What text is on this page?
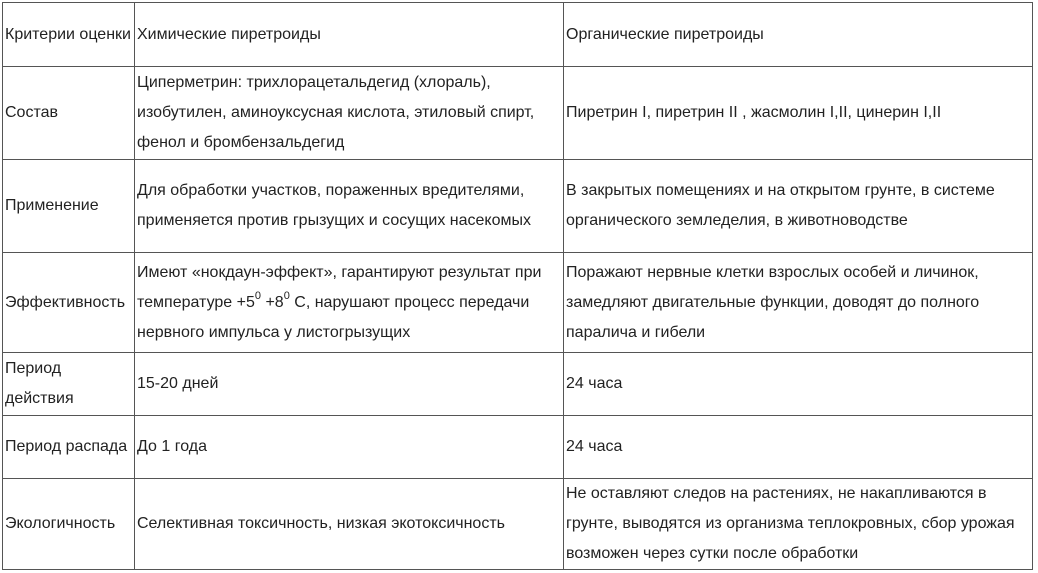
Критерии оценки	Химические пиретроиды	Органические пиретроиды
Состав	Циперметрин: трихлорацетальдегид (хлораль), изобутилен, аминоуксусная кислота, этиловый спирт, фенол и бромбензальдегид	Пиретрин I, пиретрин II , жасмолин I,II, цинерин I,II
Применение	Для обработки участков, пораженных вредителями, применяется против грызущих и сосущих насекомых	В закрытых помещениях и на открытом грунте, в системе органического земледелия, в животноводстве
Эффективность	Имеют «нокдаун-эффект», гарантируют результат при температуре $+5^0 +8^0$ С, нарушают процесс передачи нервного импульса у листогрызущих	Поражают нервные клетки взрослых особей и личинок, замедляют двигательные функции, доводят до полного паралича и гибели
Период действия	15-20 дней	24 часа
Период распада	До 1 года	24 часа
Экологичность	Селективная токсичность, низкая экотоксичность	Не оставляют следов на растениях, не накапливаются в грунте, выводятся из организма теплокровных, сбор урожая возможен через сутки после обработки
